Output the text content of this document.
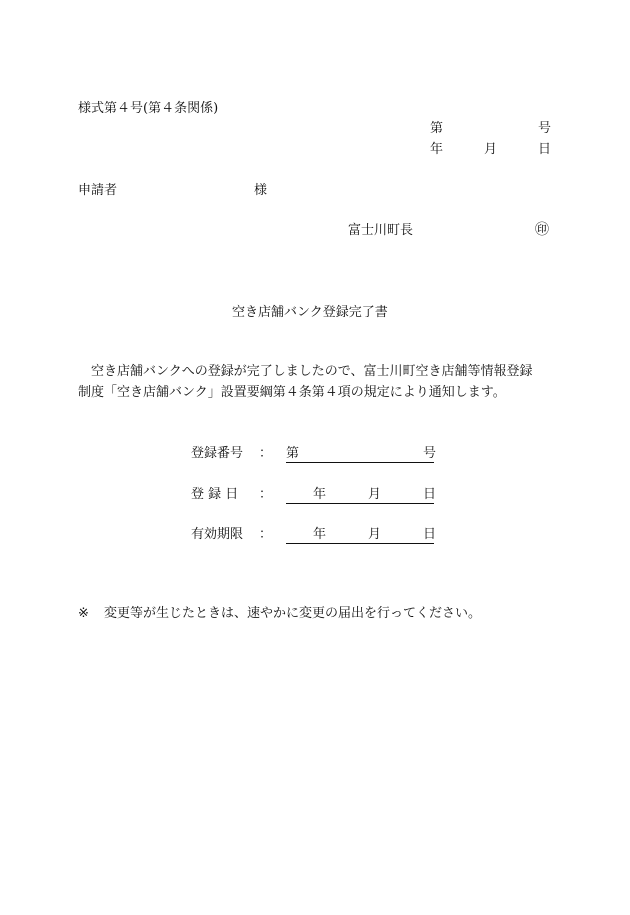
様式第４号(第４条関係)
第	号
年	月	日
申請者	様
富士川町長	㊞
空き店舗バンク登録完了書
空き店舗バンクへの登録が完了しましたので、富士川町空き店舗等情報登録
制度「空き店舗バンク」設置要綱第４条第４項の規定により通知します。
登録番号 ： 第	号
登 録 日 ：	年	月	日
有効期限 ：	年	月	日
※ 変更等が生じたときは、速やかに変更の届出を行ってください。
